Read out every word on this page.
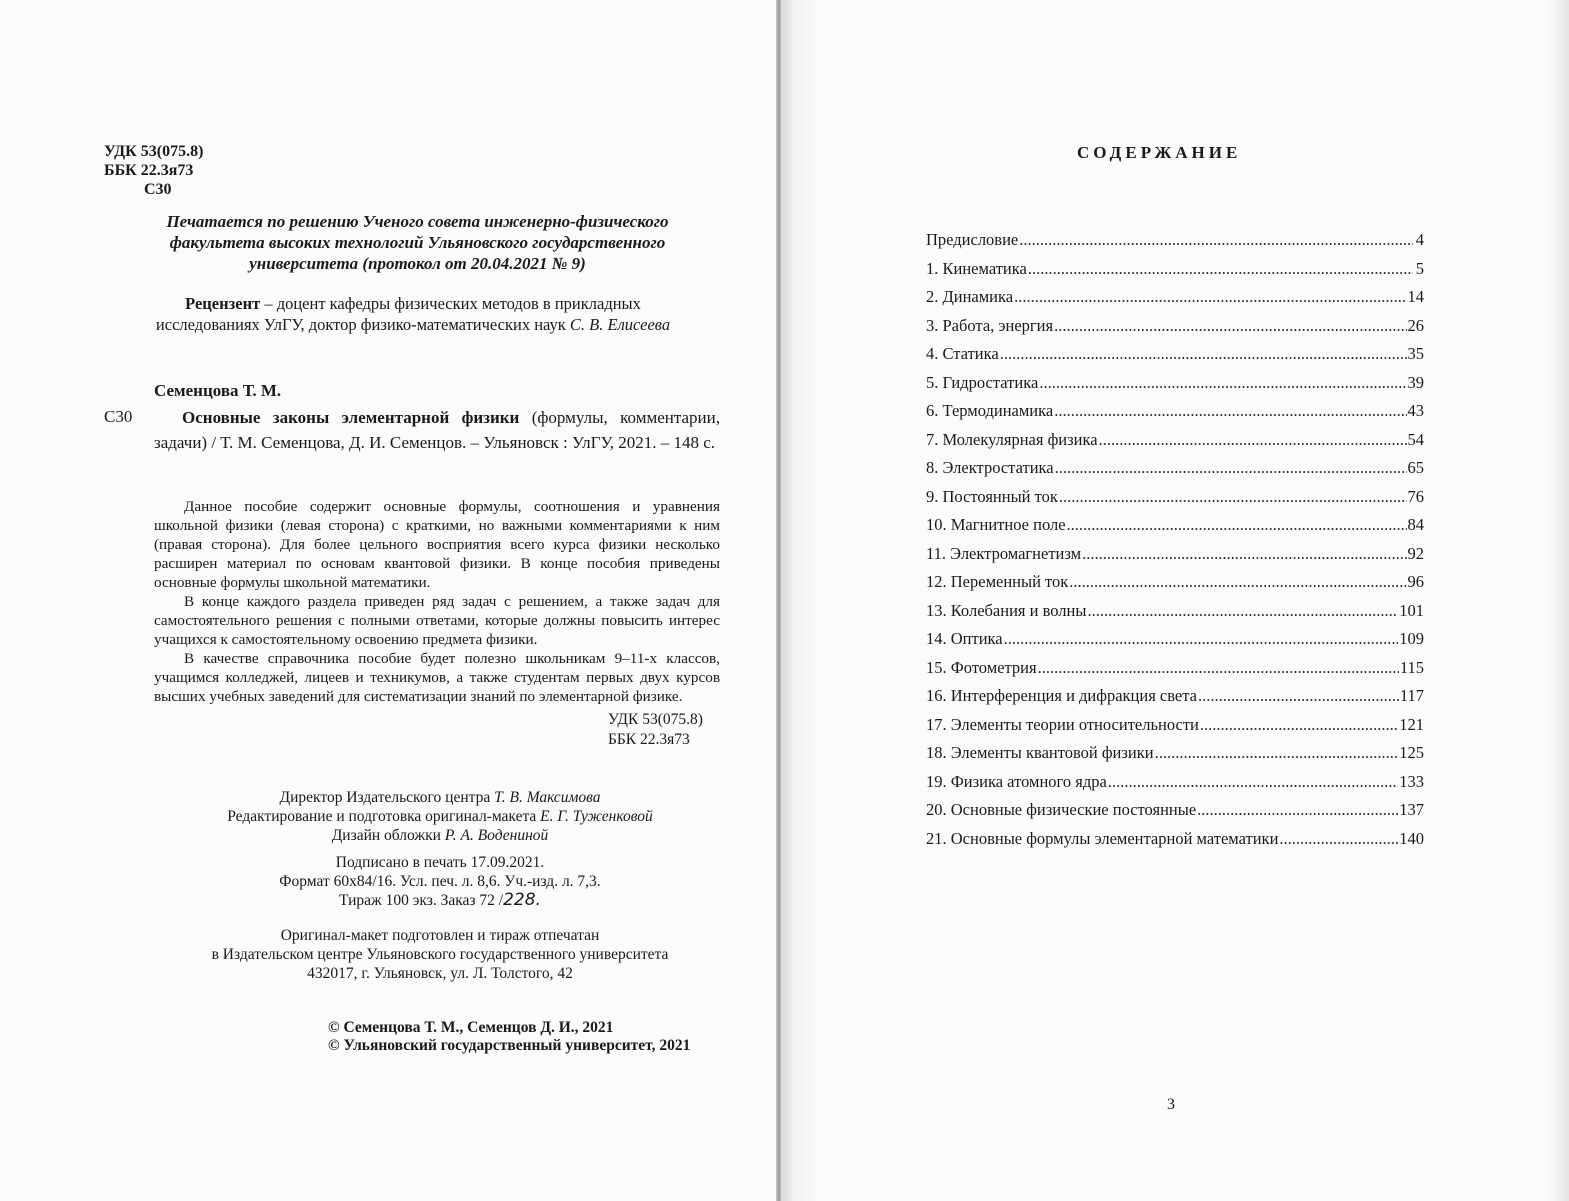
УДК 53(075.8)
ББК 22.3я73
С30
Печатается по решению Ученого совета инженерно-физического
факультета высоких технологий Ульяновского государственного
университета (протокол от 20.04.2021 № 9)
Рецензент – доцент кафедры физических методов в прикладных
исследованиях УлГУ, доктор физико-математических наук С. В. Елисеева
Семенцова Т. М.
С30	Основные законы элементарной физики (формулы, комментарии, задачи) / Т. М. Семенцова, Д. И. Семенцов. – Ульяновск : УлГУ, 2021. – 148 с.

Данное пособие содержит основные формулы, соотношения и уравнения школьной физики (левая сторона) с краткими, но важными комментариями к ним (правая сторона). Для более цельного восприятия всего курса физики несколько расширен материал по основам квантовой физики. В конце пособия приведены основные формулы школьной математики.

В конце каждого раздела приведен ряд задач с решением, а также задач для самостоятельного решения с полными ответами, которые должны повысить интерес учащихся к самостоятельному освоению предмета физики.

В качестве справочника пособие будет полезно школьникам 9–11-х классов, учащимся колледжей, лицеев и техникумов, а также студентам первых двух курсов высших учебных заведений для систематизации знаний по элементарной физике.

УДК 53(075.8)
ББК 22.3я73
Директор Издательского центра Т. В. Максимова
Редактирование и подготовка оригинал-макета Е. Г. Туженковой
Дизайн обложки Р. А. Водениной
Подписано в печать 17.09.2021.
Формат 60х84/16. Усл. печ. л. 8,6. Уч.-изд. л. 7,3.
Тираж 100 экз. Заказ 72 /228.
Оригинал-макет подготовлен и тираж отпечатан
в Издательском центре Ульяновского государственного университета
432017, г. Ульяновск, ул. Л. Толстого, 42
© Семенцова Т. М., Семенцов Д. И., 2021
© Ульяновский государственный университет, 2021
СОДЕРЖАНИЕ
Предисловие .....	4
1. Кинематика .....	5
2. Динамика .....	14
3. Работа, энергия .....	26
4. Статика .....	35
5. Гидростатика .....	39
6. Термодинамика .....	43
7. Молекулярная физика .....	54
8. Электростатика .....	65
9. Постоянный ток .....	76
10. Магнитное поле .....	84
11. Электромагнетизм .....	92
12. Переменный ток .....	96
13. Колебания и волны .....	101
14. Оптика .....	109
15. Фотометрия .....	115
16. Интерференция и дифракция света .....	117
17. Элементы теории относительности .....	121
18. Элементы квантовой физики .....	125
19. Физика атомного ядра .....	133
20. Основные физические постоянные .....	137
21. Основные формулы элементарной математики .....	140
3
